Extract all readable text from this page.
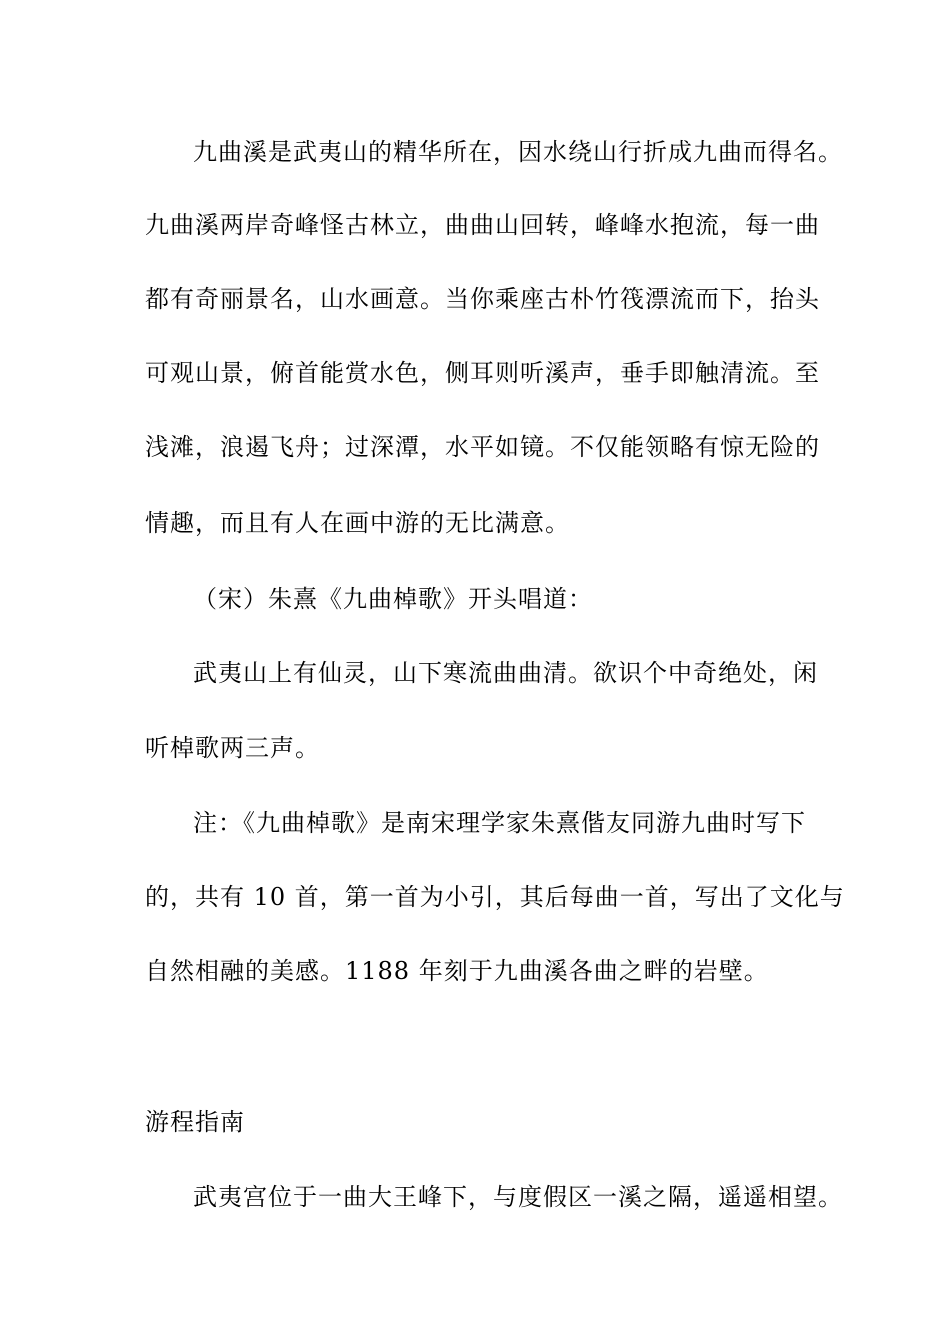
九曲溪是武夷山的精华所在，因水绕山行折成九曲而得名。
九曲溪两岸奇峰怪古林立，曲曲山回转，峰峰水抱流，每一曲
都有奇丽景名，山水画意。当你乘座古朴竹筏漂流而下，抬头
可观山景，俯首能赏水色，侧耳则听溪声，垂手即触清流。至
浅滩，浪遏飞舟；过深潭，水平如镜。不仅能领略有惊无险的
情趣，而且有人在画中游的无比满意。
（宋）朱熹《九曲棹歌》开头唱道：
武夷山上有仙灵，山下寒流曲曲清。欲识个中奇绝处，闲
听棹歌两三声。
注：《九曲棹歌》是南宋理学家朱熹偕友同游九曲时写下
的，共有 10 首，第一首为小引，其后每曲一首，写出了文化与
自然相融的美感。1188 年刻于九曲溪各曲之畔的岩壁。
游程指南
武夷宫位于一曲大王峰下，与度假区一溪之隔，遥遥相望。
